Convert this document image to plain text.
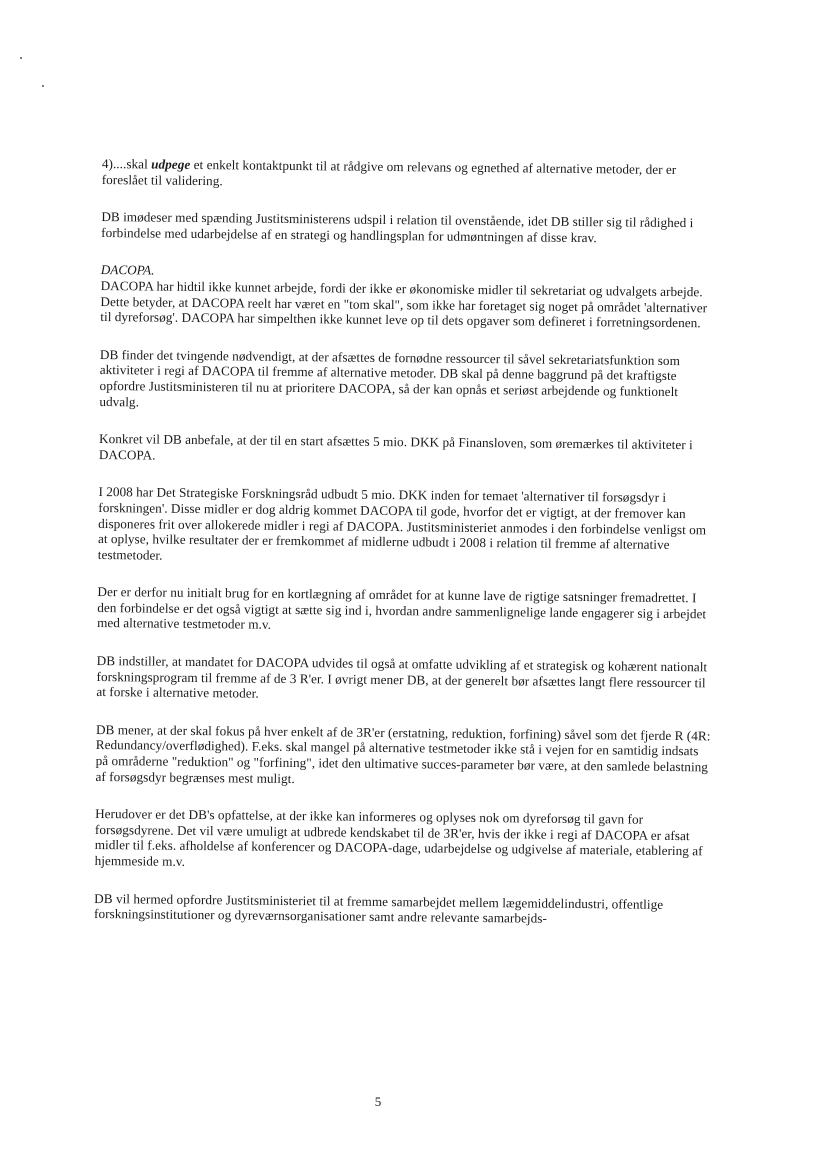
4)....skal udpege et enkelt kontaktpunkt til at rådgive om relevans og egnethed af alternative metoder, der er foreslået til validering.

DB imødeser med spænding Justitsministerens udspil i relation til ovenstående, idet DB stiller sig til rådighed i forbindelse med udarbejdelse af en strategi og handlingsplan for udmøntningen af disse krav.

DACOPA.

DACOPA har hidtil ikke kunnet arbejde, fordi der ikke er økonomiske midler til sekretariat og udvalgets arbejde. Dette betyder, at DACOPA reelt har været en "tom skal", som ikke har foretaget sig noget på området 'alternativer til dyreforsøg'. DACOPA har simpelthen ikke kunnet leve op til dets opgaver som defineret i forretningsordenen.

DB finder det tvingende nødvendigt, at der afsættes de fornødne ressourcer til såvel sekretariatsfunktion som aktiviteter i regi af DACOPA til fremme af alternative metoder. DB skal på denne baggrund på det kraftigste opfordre Justitsministeren til nu at prioritere DACOPA, så der kan opnås et seriøst arbejdende og funktionelt udvalg.

Konkret vil DB anbefale, at der til en start afsættes 5 mio. DKK på Finansloven, som øremærkes til aktiviteter i DACOPA.

I 2008 har Det Strategiske Forskningsråd udbudt 5 mio. DKK inden for temaet 'alternativer til forsøgsdyr i forskningen'. Disse midler er dog aldrig kommet DACOPA til gode, hvorfor det er vigtigt, at der fremover kan disponeres frit over allokerede midler i regi af DACOPA. Justitsministeriet anmodes i den forbindelse venligst om at oplyse, hvilke resultater der er fremkommet af midlerne udbudt i 2008 i relation til fremme af alternative testmetoder.

Der er derfor nu initialt brug for en kortlægning af området for at kunne lave de rigtige satsninger fremadrettet. I den forbindelse er det også vigtigt at sætte sig ind i, hvordan andre sammenlignelige lande engagerer sig i arbejdet med alternative testmetoder m.v.

DB indstiller, at mandatet for DACOPA udvides til også at omfatte udvikling af et strategisk og kohærent nationalt forskningsprogram til fremme af de 3 R'er. I øvrigt mener DB, at der generelt bør afsættes langt flere ressourcer til at forske i alternative metoder.

DB mener, at der skal fokus på hver enkelt af de 3R'er (erstatning, reduktion, forfining) såvel som det fjerde R (4R: Redundancy/overflødighed). F.eks. skal mangel på alternative testmetoder ikke stå i vejen for en samtidig indsats på områderne "reduktion" og "forfining", idet den ultimative succes-parameter bør være, at den samlede belastning af forsøgsdyr begrænses mest muligt.

Herudover er det DB's opfattelse, at der ikke kan informeres og oplyses nok om dyreforsøg til gavn for forsøgsdyrene. Det vil være umuligt at udbrede kendskabet til de 3R'er, hvis der ikke i regi af DACOPA er afsat midler til f.eks. afholdelse af konferencer og DACOPA-dage, udarbejdelse og udgivelse af materiale, etablering af hjemmeside m.v.

DB vil hermed opfordre Justitsministeriet til at fremme samarbejdet mellem lægemiddelindustri, offentlige forskningsinstitutioner og dyreværnsorganisationer samt andre relevante samarbejds-

5
